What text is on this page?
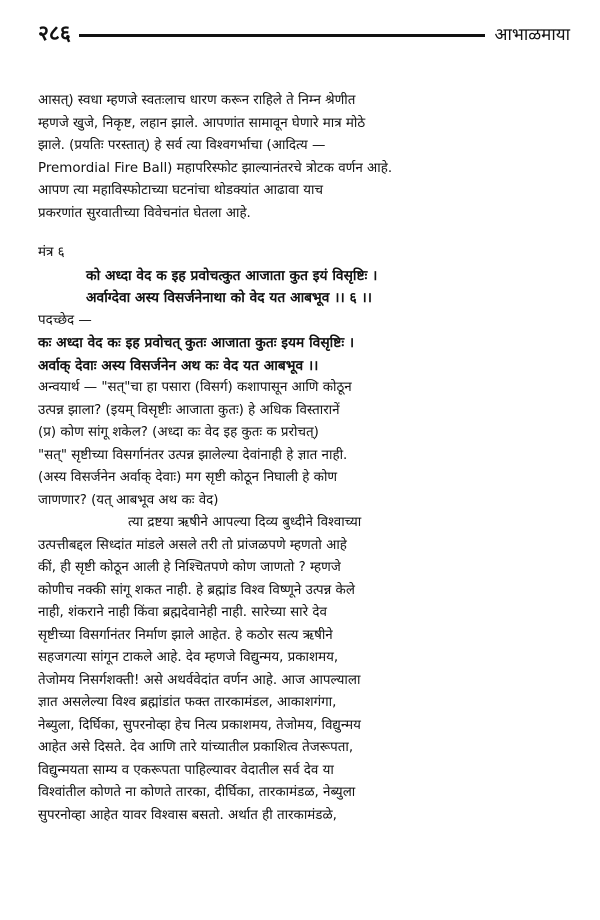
२८६	आभाळमाया

आसत्) स्वधा म्हणजे स्वतःलाच धारण करून राहिले ते निम्न श्रेणीत
म्हणजे खुजे, निकृष्ट, लहान झाले. आपणांत सामावून घेणारे मात्र मोठे
झाले. (प्रयतिः परस्तात्) हे सर्व त्या विश्वगर्भाचा (आदित्य —
Premordial Fire Ball) महापरिस्फोट झाल्यानंतरचे त्रोटक वर्णन आहे.
आपण त्या महाविस्फोटाच्या घटनांचा थोडक्यांत आढावा याच
प्रकरणांत सुरवातीच्या विवेचनांत घेतला आहे.

मंत्र ६

को अध्दा वेद क इह प्रवोचत्कुत आजाता कुत इयं विसृष्टिः ।
अर्वाग्देवा अस्य विसर्जनेनाथा को वेद यत आबभूव ।। ६ ।।

पदच्छेद —

कः अध्दा वेद कः इह प्रवोचत् कुतः आजाता कुतः इयम विसृष्टिः ।
अर्वाक् देवाः अस्य विसर्जनेन अथ कः वेद यत आबभूव ।।

अन्वयार्थ — "सत्"चा हा पसारा (विसर्ग) कशापासून आणि कोठून
उत्पन्न झाला? (इयम् विसृष्टीः आजाता कुतः) हे अधिक विस्तारानें
(प्र) कोण सांगू शकेल? (अध्दा कः वेद इह कुतः क प्ररोचत्)
"सत्" सृष्टीच्या विसर्गानंतर उत्पन्न झालेल्या देवांनाही हे ज्ञात नाही.
(अस्य विसर्जनेन अर्वाक् देवाः) मग सृष्टी कोठून निघाली हे कोण
जाणणार? (यत् आबभूव अथ कः वेद)

त्या द्रष्टया ऋषीने आपल्या दिव्य बुध्दीने विश्वाच्या
उत्पत्तीबद्दल सिध्दांत मांडले असले तरी तो प्रांजळपणे म्हणतो आहे
कीं, ही सृष्टी कोठून आली हे निश्चितपणे कोण जाणतो ? म्हणजे
कोणीच नक्की सांगू शकत नाही. हे ब्रह्मांड विश्व विष्णूने उत्पन्न केले
नाही, शंकराने नाही किंवा ब्रह्मदेवानेही नाही. सारेच्या सारे देव
सृष्टीच्या विसर्गानंतर निर्माण झाले आहेत. हे कठोर सत्य ऋषीने
सहजगत्या सांगून टाकले आहे. देव म्हणजे विद्युन्मय, प्रकाशमय,
तेजोमय निसर्गशक्ती! असे अथर्ववेदांत वर्णन आहे. आज आपल्याला
ज्ञात असलेल्या विश्व ब्रह्मांडांत फक्त तारकामंडल, आकाशगंगा,
नेब्युला, दिर्घिका, सुपरनोव्हा हेच नित्य प्रकाशमय, तेजोमय, विद्युन्मय
आहेत असे दिसते. देव आणि तारे यांच्यातील प्रकाशित्व तेजरूपता,
विद्युन्मयता साम्य व एकरूपता पाहिल्यावर वेदातील सर्व देव या
विश्वांतील कोणते ना कोणते तारका, दीर्घिका, तारकामंडळ, नेब्युला
सुपरनोव्हा आहेत यावर विश्वास बसतो. अर्थात ही तारकामंडळे,
